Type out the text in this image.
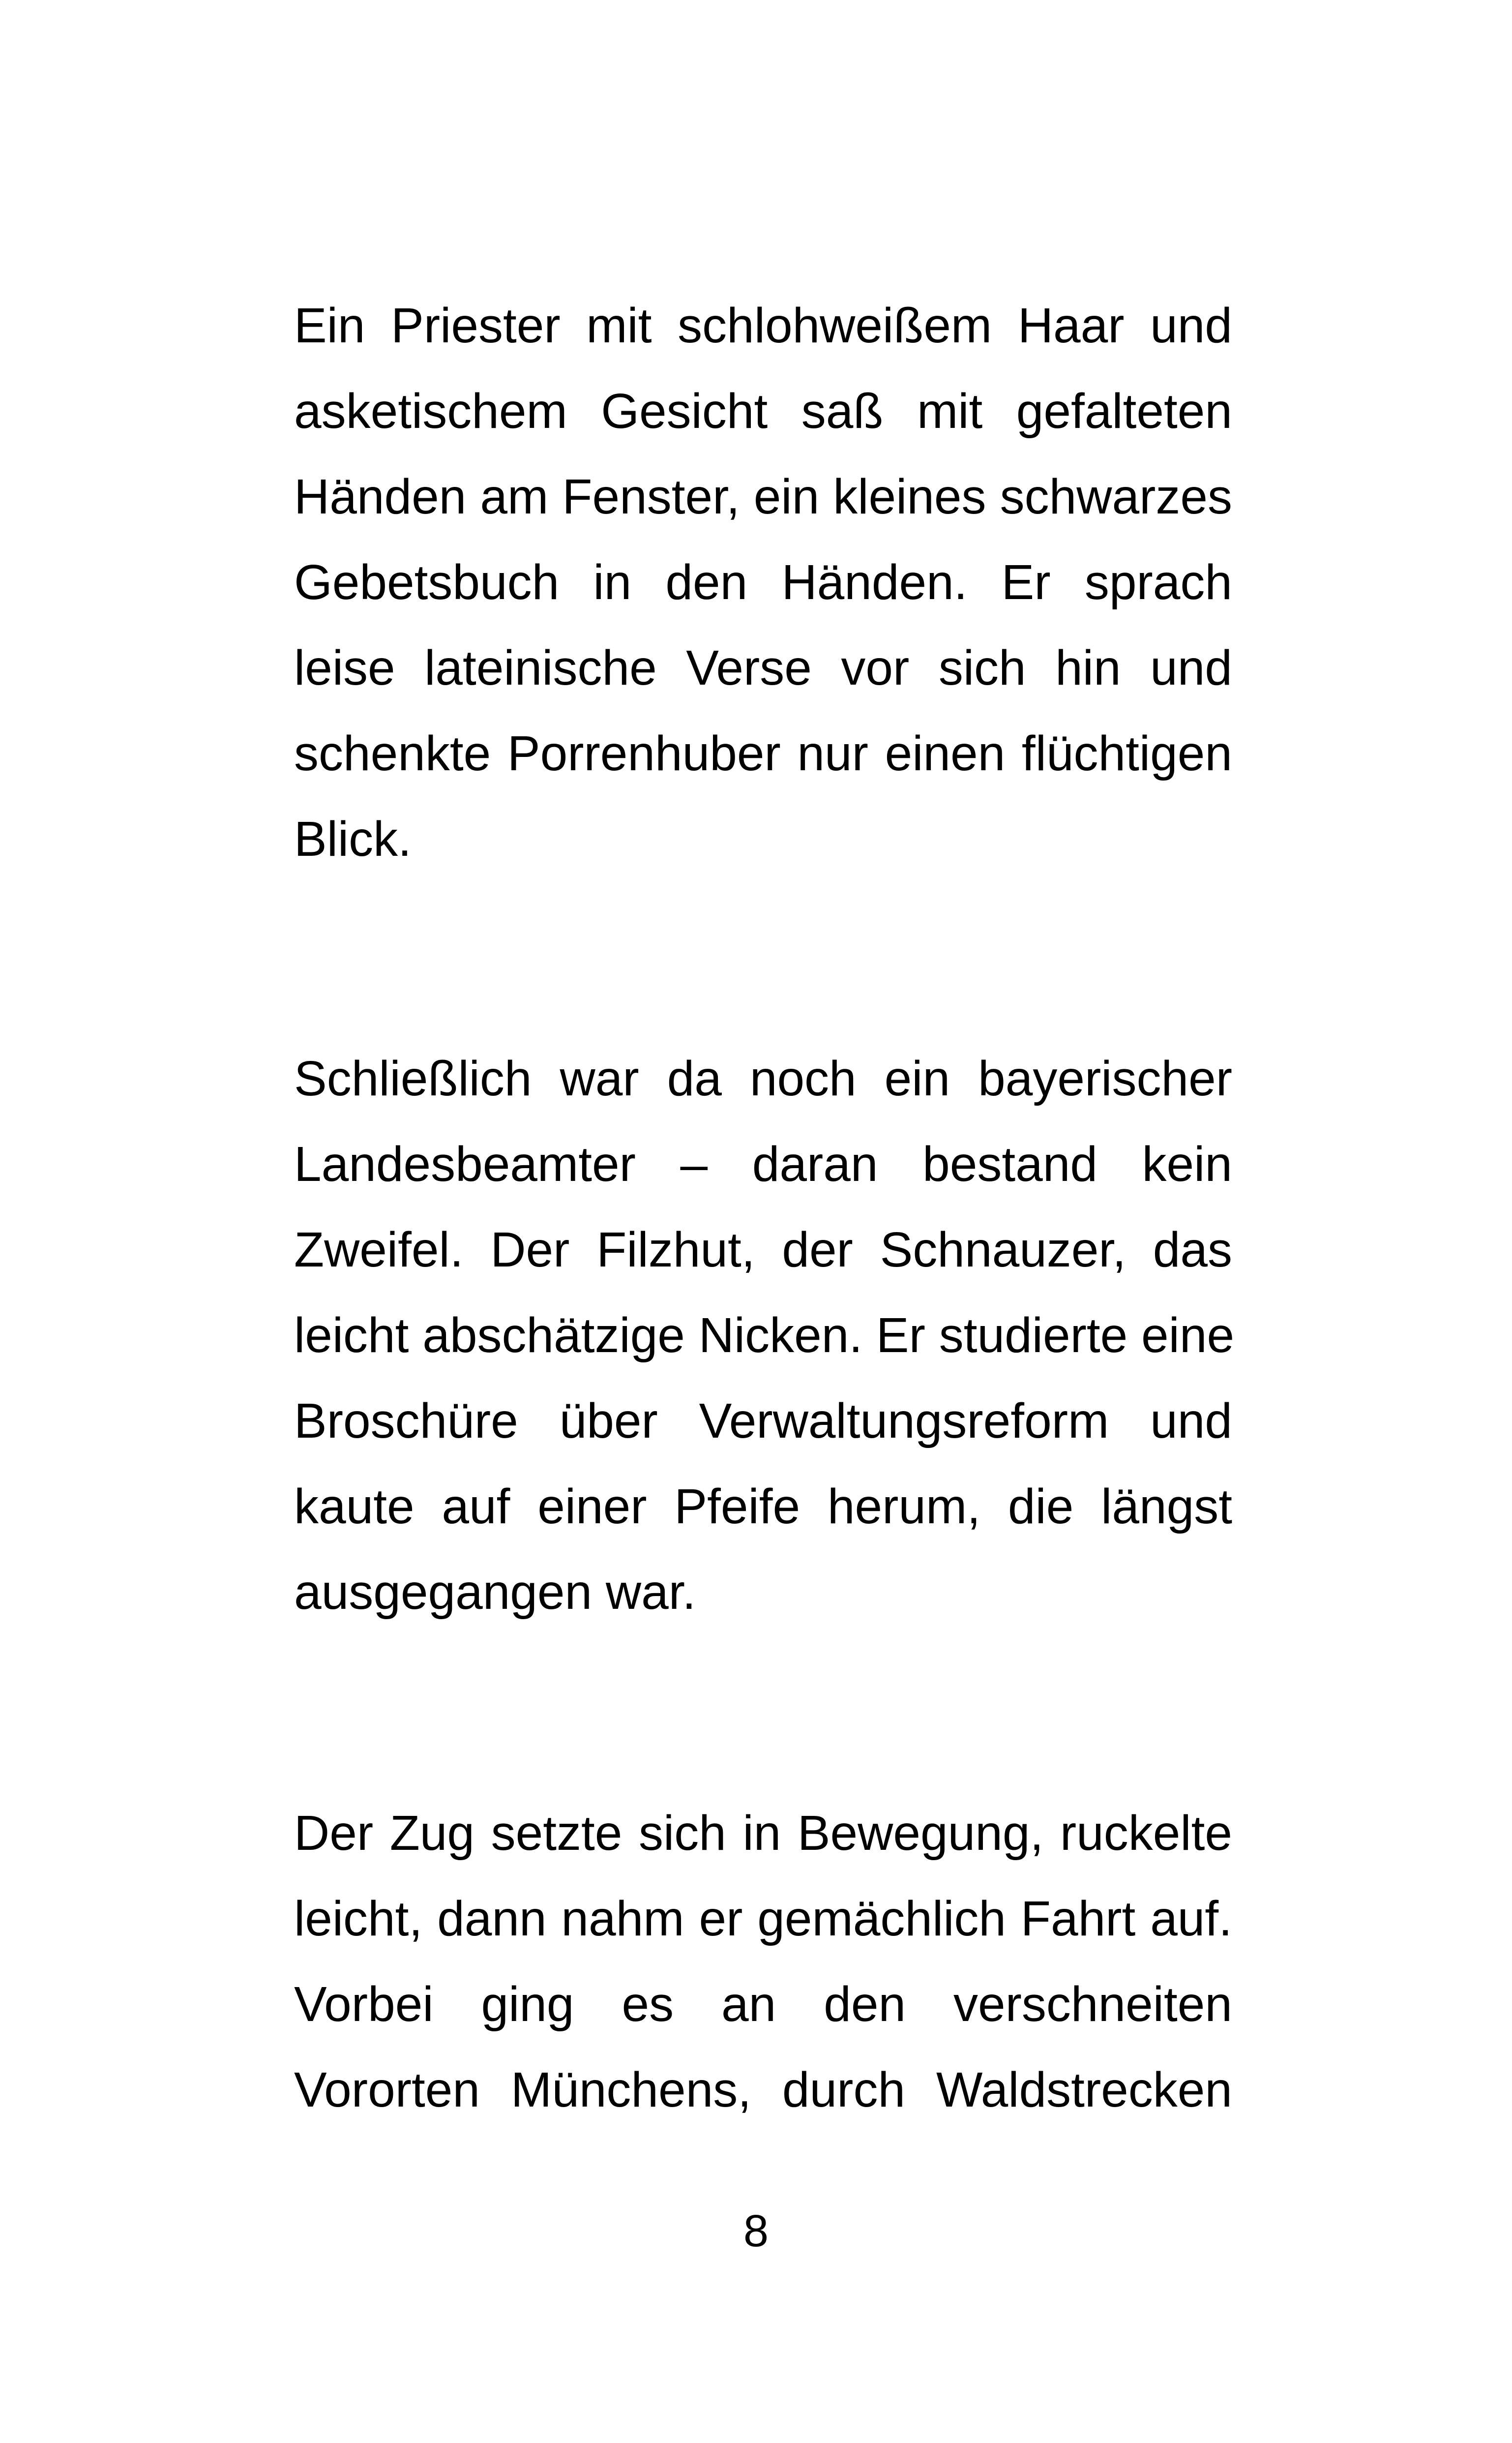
Ein Priester mit schlohweißem Haar und
asketischem Gesicht saß mit gefalteten
Händen am Fenster, ein kleines schwarzes
Gebetsbuch in den Händen. Er sprach
leise lateinische Verse vor sich hin und
schenkte Porrenhuber nur einen flüchtigen
Blick.
Schließlich war da noch ein bayerischer
Landesbeamter – daran bestand kein
Zweifel. Der Filzhut, der Schnauzer, das
leicht abschätzige Nicken. Er studierte eine
Broschüre über Verwaltungsreform und
kaute auf einer Pfeife herum, die längst
ausgegangen war.
Der Zug setzte sich in Bewegung, ruckelte
leicht, dann nahm er gemächlich Fahrt auf.
Vorbei ging es an den verschneiten
Vororten Münchens, durch Waldstrecken
8
